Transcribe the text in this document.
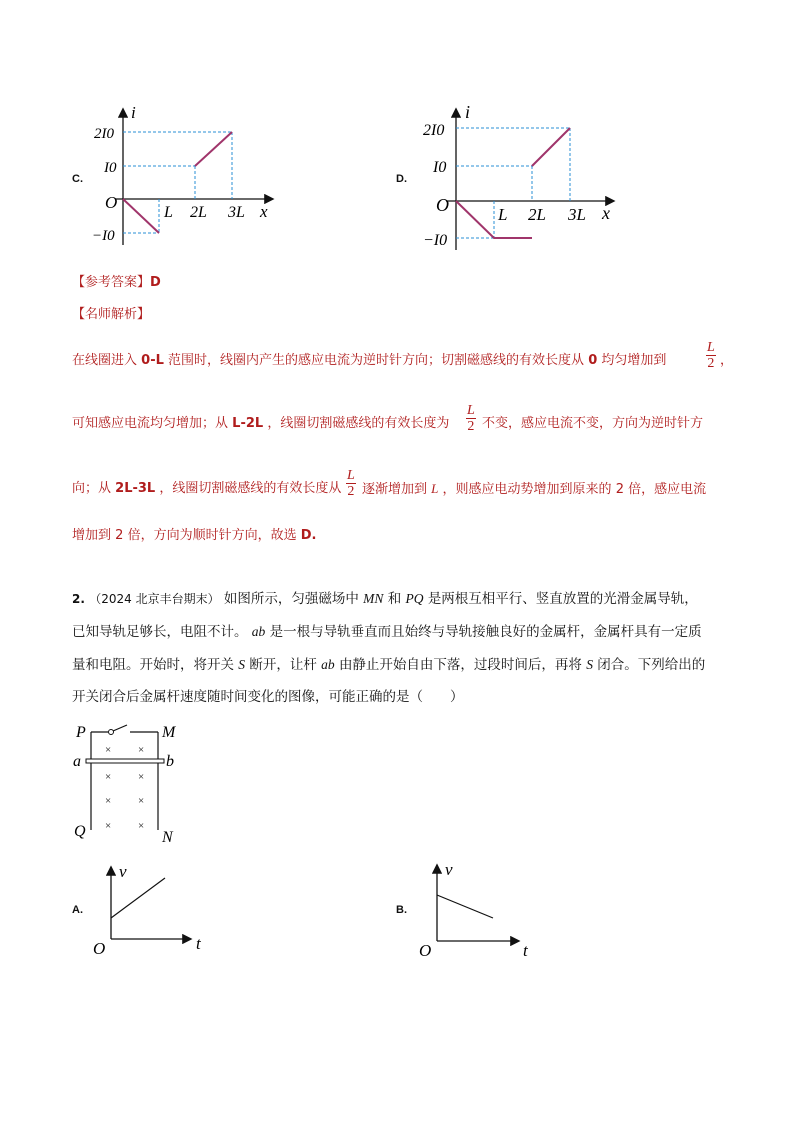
C.
i
x
O
2I0
I0
−I0
L 2L 3L
D.
i
x
O
2I0
I0
−I0
L 2L 3L
【参考答案】D
【名师解析】
在线圈进入 0-L 范围时，线圈内产生的感应电流为逆时针方向；切割磁感线的有效长度从 0 均匀增加到	$\frac{L}{2}$ ，
可知感应电流均匀增加；从 L-2L ，线圈切割磁感线的有效长度为 $\frac{L}{2}$ 不变，感应电流不变，方向为逆时针方
向；从 2L-3L ，线圈切割磁感线的有效长度从 $\frac{L}{2}$ 逐渐增加到 L ，则感应电动势增加到原来的 2 倍，感应电流
增加到 2 倍，方向为顺时针方向，故选 D.
2. （2024 北京丰台期末） 如图所示，匀强磁场中 MN 和 PQ 是两根互相平行、竖直放置的光滑金属导轨，
已知导轨足够长，电阻不计。 ab 是一根与导轨垂直而且始终与导轨接触良好的金属杆，金属杆具有一定质
量和电阻。开始时，将开关 S 断开，让杆 ab 由静止开始自由下落，过段时间后，再将 S 闭合。下列给出的
开关闭合后金属杆速度随时间变化的图像，可能正确的是（　　）
× ×
× ×
× ×
× ×
P	M
a	b
Q	N
A.
v
t
O
B.
v
t
O
